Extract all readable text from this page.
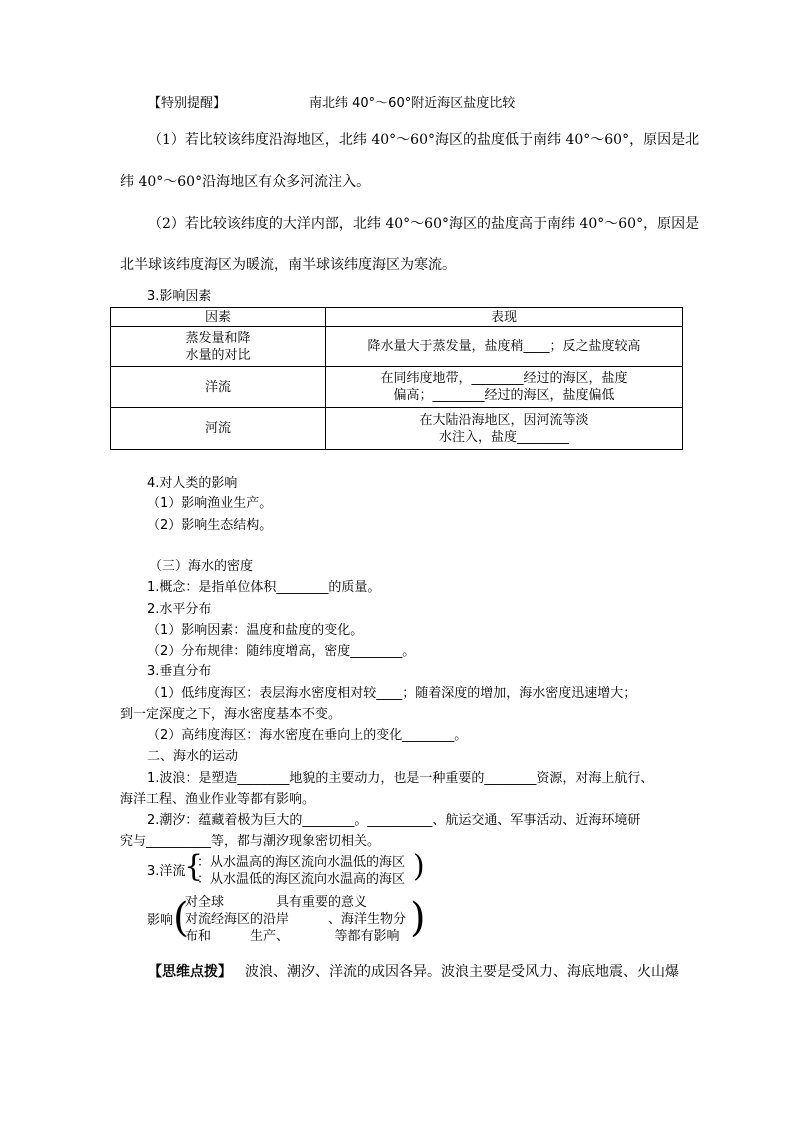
【特别提醒】	南北纬 40°～60°附近海区盐度比较
（1）若比较该纬度沿海地区，北纬 40°～60°海区的盐度低于南纬 40°～60°，原因是北
纬 40°～60°沿海地区有众多河流注入。
（2）若比较该纬度的大洋内部，北纬 40°～60°海区的盐度高于南纬 40°～60°，原因是
北半球该纬度海区为暖流，南半球该纬度海区为寒流。
3.影响因素
因素	表现

蒸发量和降
水量的对比	降水量大于蒸发量，盐度稍____；反之盐度较高

洋流	在同纬度地带，________经过的海区，盐度
偏高；________经过的海区，盐度偏低

河流	在大陆沿海地区，因河流等淡
水注入，盐度________
4.对人类的影响
（1）影响渔业生产。
（2）影响生态结构。
（三）海水的密度
1.概念：是指单位体积________的质量。
2.水平分布
（1）影响因素：温度和盐度的变化。
（2）分布规律：随纬度增高，密度________。
3.垂直分布
（1）低纬度海区：表层海水密度相对较____；随着深度的增加，海水密度迅速增大；
到一定深度之下，海水密度基本不变。
（2）高纬度海区：海水密度在垂向上的变化________。
二、海水的运动
1.波浪：是塑造________地貌的主要动力，也是一种重要的________资源，对海上航行、
海洋工程、渔业作业等都有影响。
2.潮汐：蕴藏着极为巨大的________。__________、航运交通、军事活动、近海环境研
究与__________等，都与潮汐现象密切相关。
3.洋流
{
：从水温高的海区流向水温低的海区
：从水温低的海区流向水温高的海区 )
影响 (
对全球　　　　具有重要的意义
对流经海区的沿岸　　　、海洋生物分
布和　　　生产、　　　　等都有影响 )
【思维点拨】 波浪、潮汐、洋流的成因各异。波浪主要是受风力、海底地震、火山爆
